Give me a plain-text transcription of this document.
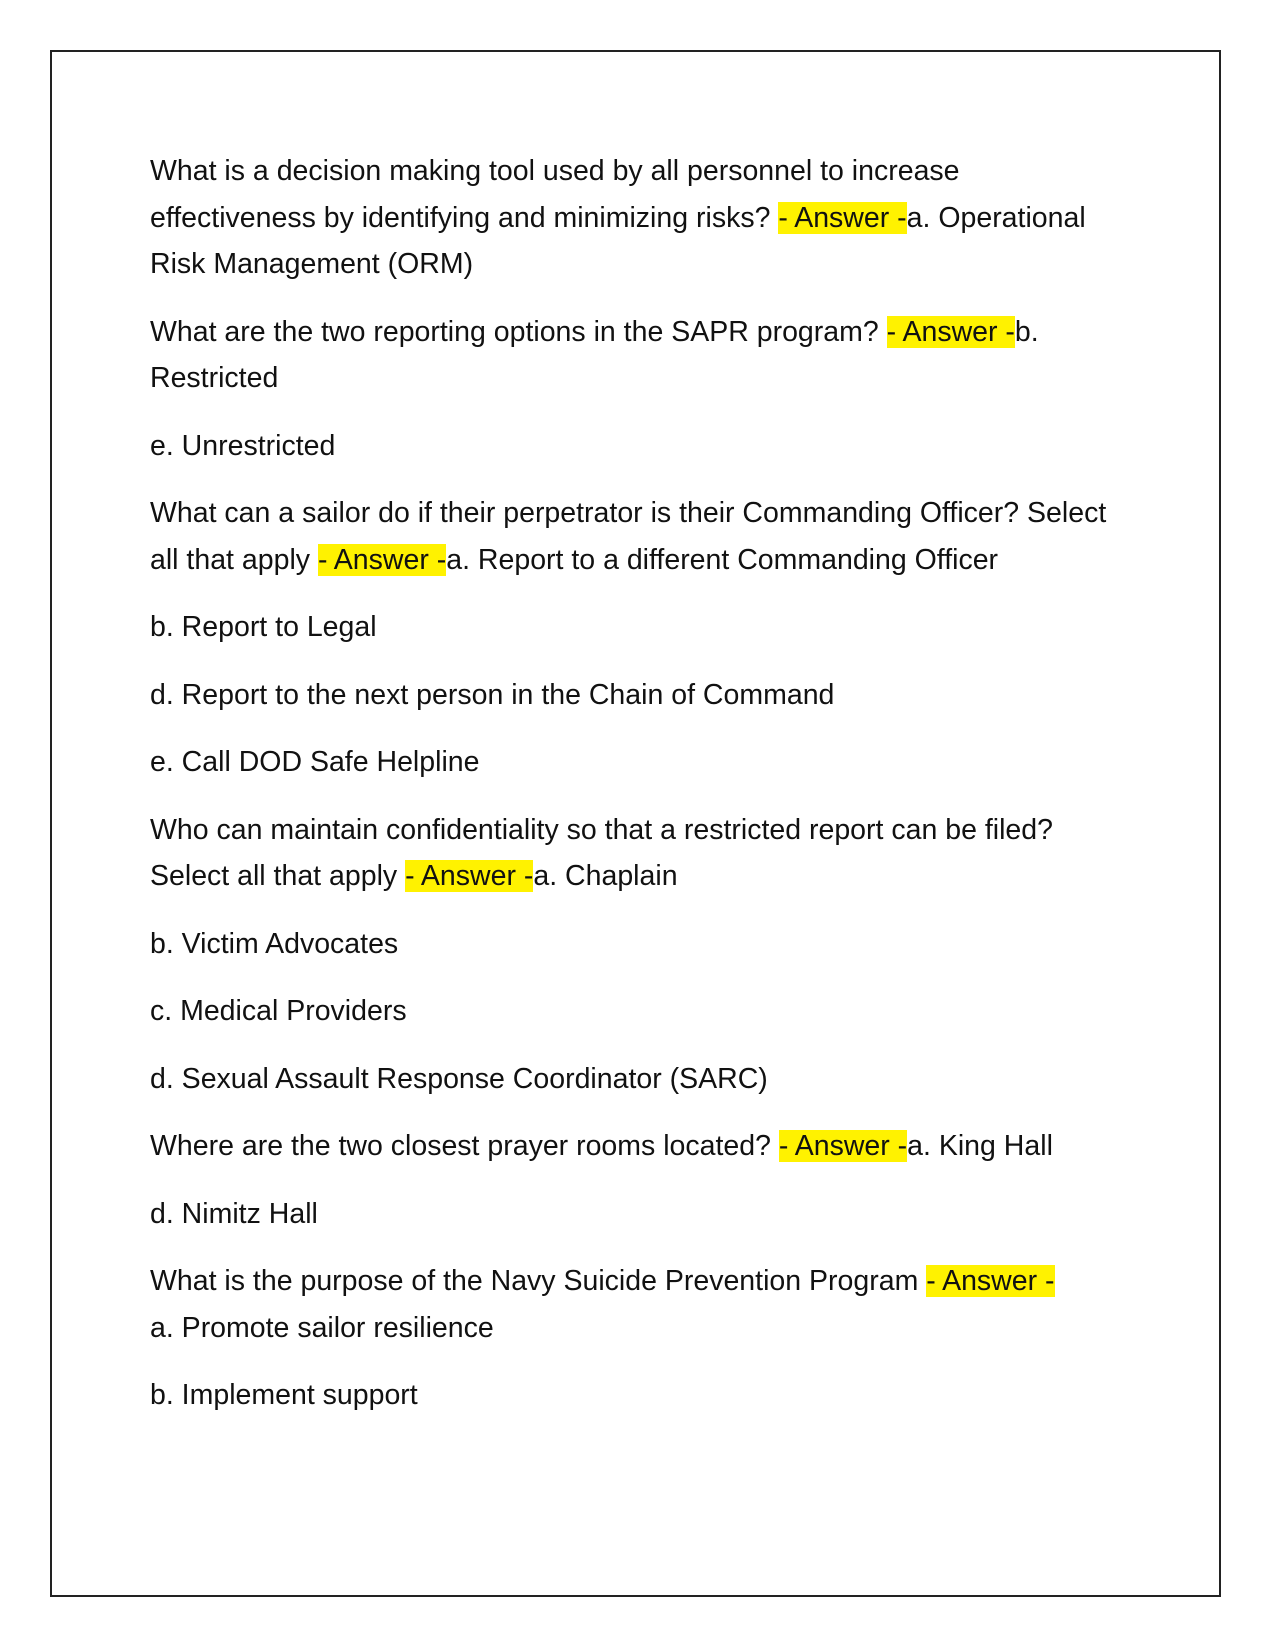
What is a decision making tool used by all personnel to increase effectiveness by identifying and minimizing risks? - Answer -a. Operational Risk Management (ORM)

What are the two reporting options in the SAPR program? - Answer -b. Restricted

e. Unrestricted

What can a sailor do if their perpetrator is their Commanding Officer? Select all that apply - Answer -a. Report to a different Commanding Officer

b. Report to Legal

d. Report to the next person in the Chain of Command

e. Call DOD Safe Helpline

Who can maintain confidentiality so that a restricted report can be filed? Select all that apply - Answer -a. Chaplain

b. Victim Advocates

c. Medical Providers

d. Sexual Assault Response Coordinator (SARC)

Where are the two closest prayer rooms located? - Answer -a. King Hall

d. Nimitz Hall

What is the purpose of the Navy Suicide Prevention Program - Answer -
a. Promote sailor resilience

b. Implement support
